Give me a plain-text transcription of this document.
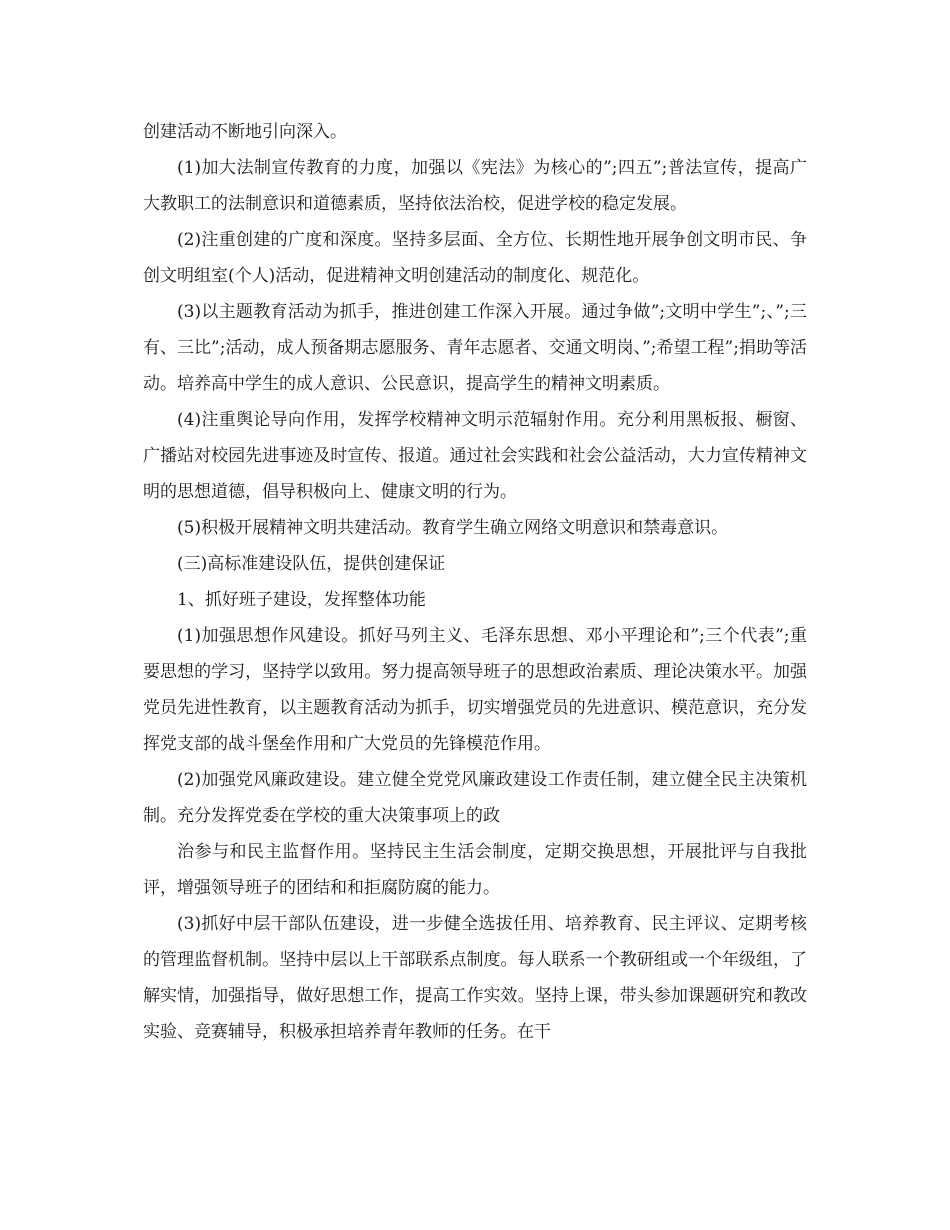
创建活动不断地引向深入。

(1)加大法制宣传教育的力度，加强以《宪法》为核心的”;四五”;普法宣传，提高广大教职工的法制意识和道德素质，坚持依法治校，促进学校的稳定发展。

(2)注重创建的广度和深度。坚持多层面、全方位、长期性地开展争创文明市民、争创文明组室(个人)活动，促进精神文明创建活动的制度化、规范化。

(3)以主题教育活动为抓手，推进创建工作深入开展。通过争做”;文明中学生”;、”;三有、三比”;活动，成人预备期志愿服务、青年志愿者、交通文明岗、”;希望工程”;捐助等活动。培养高中学生的成人意识、公民意识，提高学生的精神文明素质。

(4)注重舆论导向作用，发挥学校精神文明示范辐射作用。充分利用黑板报、橱窗、广播站对校园先进事迹及时宣传、报道。通过社会实践和社会公益活动，大力宣传精神文明的思想道德，倡导积极向上、健康文明的行为。

(5)积极开展精神文明共建活动。教育学生确立网络文明意识和禁毒意识。

(三)高标准建设队伍，提供创建保证

1、抓好班子建设，发挥整体功能

(1)加强思想作风建设。抓好马列主义、毛泽东思想、邓小平理论和”;三个代表”;重要思想的学习，坚持学以致用。努力提高领导班子的思想政治素质、理论决策水平。加强党员先进性教育，以主题教育活动为抓手，切实增强党员的先进意识、模范意识，充分发挥党支部的战斗堡垒作用和广大党员的先锋模范作用。

(2)加强党风廉政建设。建立健全党党风廉政建设工作责任制，建立健全民主决策机制。充分发挥党委在学校的重大决策事项上的政

治参与和民主监督作用。坚持民主生活会制度，定期交换思想，开展批评与自我批评，增强领导班子的团结和和拒腐防腐的能力。

(3)抓好中层干部队伍建设，进一步健全选拔任用、培养教育、民主评议、定期考核的管理监督机制。坚持中层以上干部联系点制度。每人联系一个教研组或一个年级组，了解实情，加强指导，做好思想工作，提高工作实效。坚持上课，带头参加课题研究和教改实验、竞赛辅导，积极承担培养青年教师的任务。在干
